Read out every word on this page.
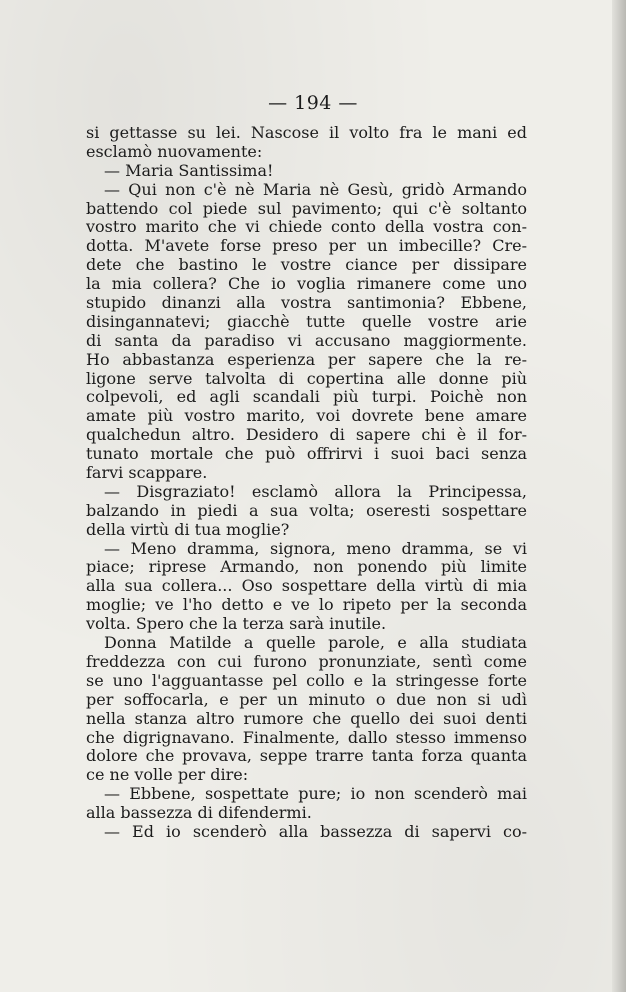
— 194 —
si gettasse su lei. Nascose il volto fra le mani ed
esclamò nuovamente:
— Maria Santissima!
— Qui non c'è nè Maria nè Gesù, gridò Armando
battendo col piede sul pavimento; qui c'è soltanto
vostro marito che vi chiede conto della vostra con-
dotta. M'avete forse preso per un imbecille? Cre-
dete che bastino le vostre ciance per dissipare
la mia collera? Che io voglia rimanere come uno
stupido dinanzi alla vostra santimonia? Ebbene,
disingannatevi; giacchè tutte quelle vostre arie
di santa da paradiso vi accusano maggiormente.
Ho abbastanza esperienza per sapere che la re-
ligone serve talvolta di copertina alle donne più
colpevoli, ed agli scandali più turpi. Poichè non
amate più vostro marito, voi dovrete bene amare
qualchedun altro. Desidero di sapere chi è il for-
tunato mortale che può offrirvi i suoi baci senza
farvi scappare.
— Disgraziato! esclamò allora la Principessa,
balzando in piedi a sua volta; oseresti sospettare
della virtù di tua moglie?
— Meno dramma, signora, meno dramma, se vi
piace; riprese Armando, non ponendo più limite
alla sua collera... Oso sospettare della virtù di mia
moglie; ve l'ho detto e ve lo ripeto per la seconda
volta. Spero che la terza sarà inutile.
Donna Matilde a quelle parole, e alla studiata
freddezza con cui furono pronunziate, sentì come
se uno l'agguantasse pel collo e la stringesse forte
per soffocarla, e per un minuto o due non si udì
nella stanza altro rumore che quello dei suoi denti
che digrignavano. Finalmente, dallo stesso immenso
dolore che provava, seppe trarre tanta forza quanta
ce ne volle per dire:
— Ebbene, sospettate pure; io non scenderò mai
alla bassezza di difendermi.
— Ed io scenderò alla bassezza di sapervi co-
